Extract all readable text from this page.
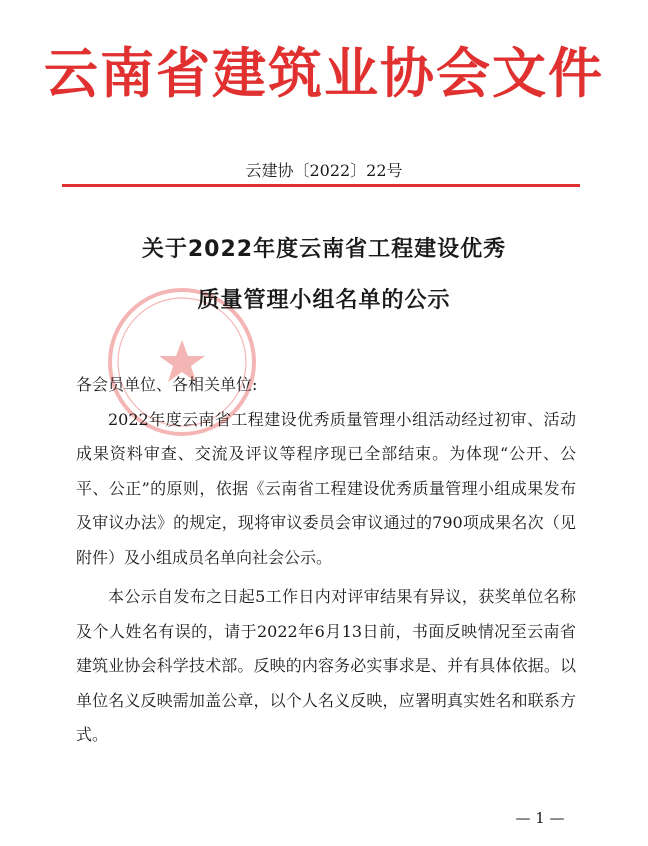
云南省建筑业协会文件
云建协〔2022〕22号
关于2022年度云南省工程建设优秀
质量管理小组名单的公示

各会员单位、各相关单位:

2022年度云南省工程建设优秀质量管理小组活动经过初审、活动成果资料审查、交流及评议等程序现已全部结束。为体现“公开、公平、公正”的原则，依据《云南省工程建设优秀质量管理小组成果发布及审议办法》的规定，现将审议委员会审议通过的790项成果名次（见附件）及小组成员名单向社会公示。

本公示自发布之日起5工作日内对评审结果有异议，获奖单位名称及个人姓名有误的，请于2022年6月13日前，书面反映情况至云南省建筑业协会科学技术部。反映的内容务必实事求是、并有具体依据。以单位名义反映需加盖公章，以个人名义反映，应署明真实姓名和联系方式。

— 1 —
